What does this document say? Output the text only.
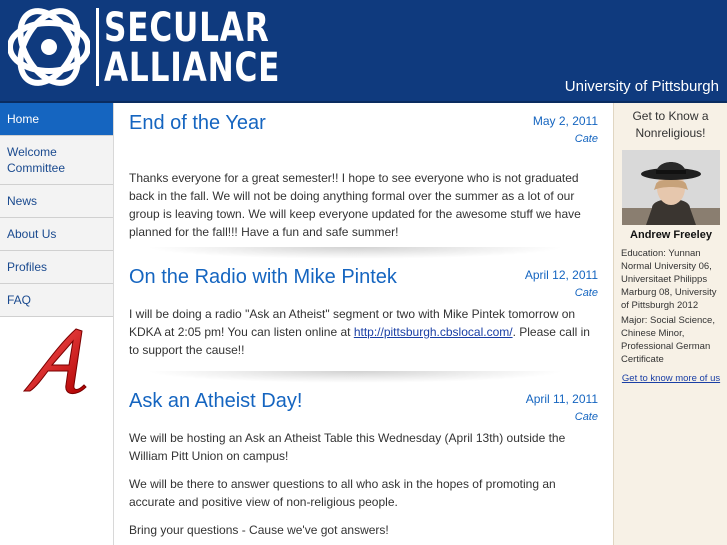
SECULAR
ALLIANCE	University of Pittsburgh
Home
Welcome Committee
News
About Us
Profiles
FAQ
End of the Year	May 2, 2011
Cate

Thanks everyone for a great semester!! I hope to see everyone who is not graduated back in the fall. We will not be doing anything formal over the summer as a lot of our group is leaving town. We will keep everyone updated for the awesome stuff we have planned for the fall!!! Have a fun and safe summer!

On the Radio with Mike Pintek	April 12, 2011
Cate

I will be doing a radio "Ask an Atheist" segment or two with Mike Pintek tomorrow on KDKA at 2:05 pm! You can listen online at http://pittsburgh.cbslocal.com/. Please call in to support the cause!!

Ask an Atheist Day!	April 11, 2011
Cate

We will be hosting an Ask an Atheist Table this Wednesday (April 13th) outside the William Pitt Union on campus!

We will be there to answer questions to all who ask in the hopes of promoting an accurate and positive view of non-religious people.

Bring your questions - Cause we've got answers!

Get to Know a Nonreligious!
Andrew Freeley
Education: Yunnan Normal University 06, Universitaet Philipps Marburg 08, University of Pittsburgh 2012
Major: Social Science, Chinese Minor, Professional German Certificate
Get to know more of us
